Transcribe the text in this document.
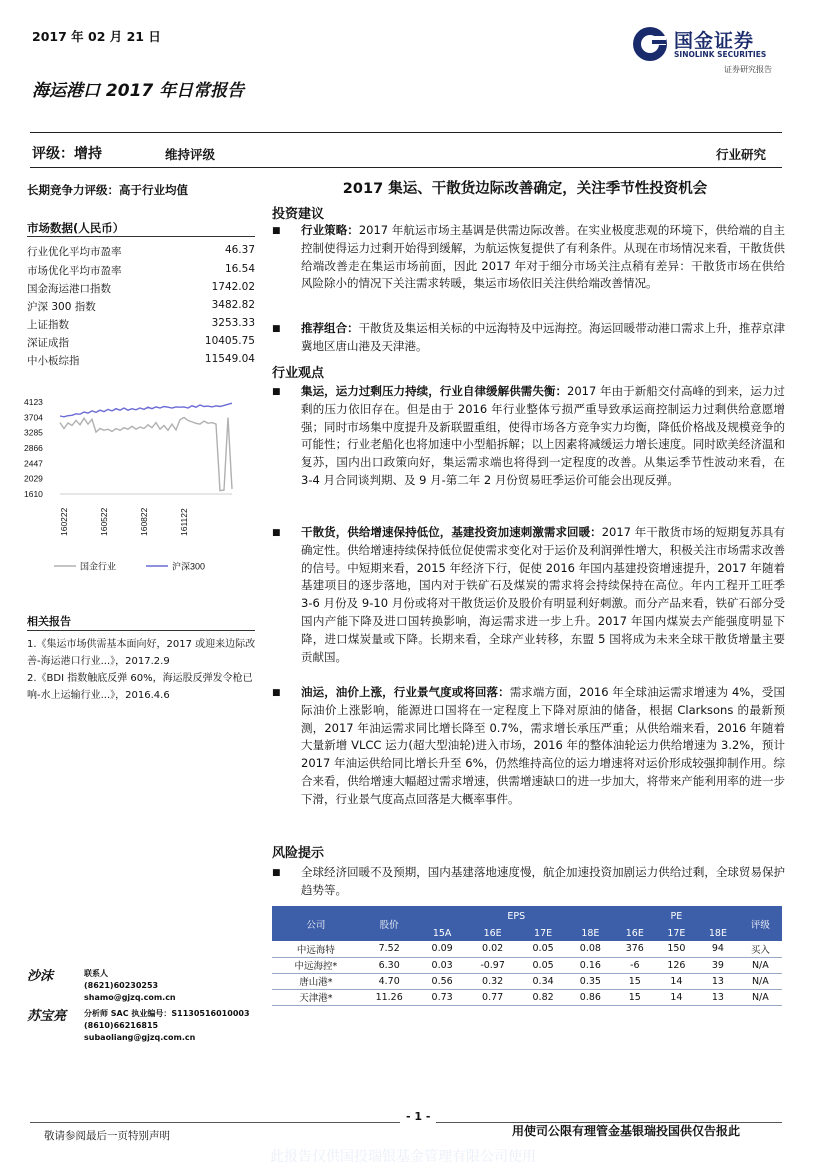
2017 年 02 月 21 日	国金证券
SINOLINK SECURITIES
证券研究报告
海运港口 2017 年日常报告
评级：增持	维持评级	行业研究
长期竞争力评级：高于行业均值
市场数据(人民币）
行业优化平均市盈率	46.37
市场优化平均市盈率	16.54
国金海运港口指数	1742.02
沪深 300 指数	3482.82
上证指数	3253.33
深证成指	10405.75
中小板综指	11549.04
4123
3704
3285
2866
2447
2029
1610
160222	160522	160822	161122
国金行业	沪深300
相关报告
1.《集运市场供需基本面向好，2017 或迎来边际改善-海运港口行业...》，2017.2.9
2.《BDI 指数触底反弹 60%，海运股反弹发令枪已响-水上运输行业...》，2016.4.6
沙沫	联系人
(8621)60230253
shamo@gjzq.com.cn
苏宝亮 分析师 SAC 执业编号：S1130516010003
(8610)66216815
subaoliang@gjzq.com.cn
2017 集运、干散货边际改善确定，关注季节性投资机会
投资建议
■	行业策略：2017 年航运市场主基调是供需边际改善。在实业极度悲观的环境下，供给端的自主控制使得运力过剩开始得到缓解，为航运恢复提供了有利条件。从现在市场情况来看，干散货供给端改善走在集运市场前面，因此 2017 年对于细分市场关注点稍有差异：干散货市场在供给风险除小的情况下关注需求转暖，集运市场依旧关注供给端改善情况。
■	推荐组合：干散货及集运相关标的中远海特及中远海控。海运回暖带动港口需求上升，推荐京津冀地区唐山港及天津港。
行业观点
■	集运，运力过剩压力持续，行业自律缓解供需失衡：2017 年由于新船交付高峰的到来，运力过剩的压力依旧存在。但是由于 2016 年行业整体亏损严重导致承运商控制运力过剩供给意愿增强；同时市场集中度提升及新联盟重组，使得市场各方竞争实力均衡，降低价格战及规模竞争的可能性；行业老船化也将加速中小型船拆解；以上因素将减缓运力增长速度。同时欧美经济温和复苏，国内出口政策向好，集运需求端也将得到一定程度的改善。从集运季节性波动来看，在 3-4 月合同谈判期、及 9 月-第二年 2 月份贸易旺季运价可能会出现反弹。
■	干散货，供给增速保持低位，基建投资加速刺激需求回暖：2017 年干散货市场的短期复苏具有确定性。供给增速持续保持低位促使需求变化对于运价及利润弹性增大，积极关注市场需求改善的信号。中短期来看，2015 年经济下行，促使 2016 年国内基建投资增速提升，2017 年随着基建项目的逐步落地，国内对于铁矿石及煤炭的需求将会持续保持在高位。年内工程开工旺季 3-6 月份及 9-10 月份或将对干散货运价及股价有明显利好刺激。而分产品来看，铁矿石部分受国内产能下降及进口国转换影响，海运需求进一步上升。2017 年国内煤炭去产能强度明显下降，进口煤炭量或下降。长期来看，全球产业转移，东盟 5 国将成为未来全球干散货增量主要贡献国。
■	油运，油价上涨，行业景气度或将回落：需求端方面，2016 年全球油运需求增速为 4%，受国际油价上涨影响，能源进口国将在一定程度上下降对原油的储备，根据 Clarksons 的最新预测，2017 年油运需求同比增长降至 0.7%，需求增长承压严重；从供给端来看，2016 年随着大量新增 VLCC 运力(超大型油轮)进入市场，2016 年的整体油轮运力供给增速为 3.2%，预计 2017 年油运供给同比增长升至 6%，仍然维持高位的运力增速将对运价形成较强抑制作用。综合来看，供给增速大幅超过需求增速，供需增速缺口的进一步加大，将带来产能利用率的进一步下滑，行业景气度高点回落是大概率事件。
风险提示
■	全球经济回暖不及预期，国内基建落地速度慢，航企加速投资加剧运力供给过剩，全球贸易保护趋势等。
公司	股价	EPS				PE			评级
		15A	16E	17E	18E	16E	17E	18E	
中远海特	7.52	0.09	0.02	0.05	0.08	376	150	94	买入
中远海控*	6.30	0.03	-0.97	0.05	0.16	-6	126	39	N/A
唐山港*	4.70	0.56	0.32	0.34	0.35	15	14	13	N/A
天津港*	11.26	0.73	0.77	0.82	0.86	15	14	13	N/A
- 1 -
敬请参阅最后一页特别声明	用使司公限有理管金基银瑞投国供仅告报此
此报告仅供国投瑞银基金管理有限公司使用
